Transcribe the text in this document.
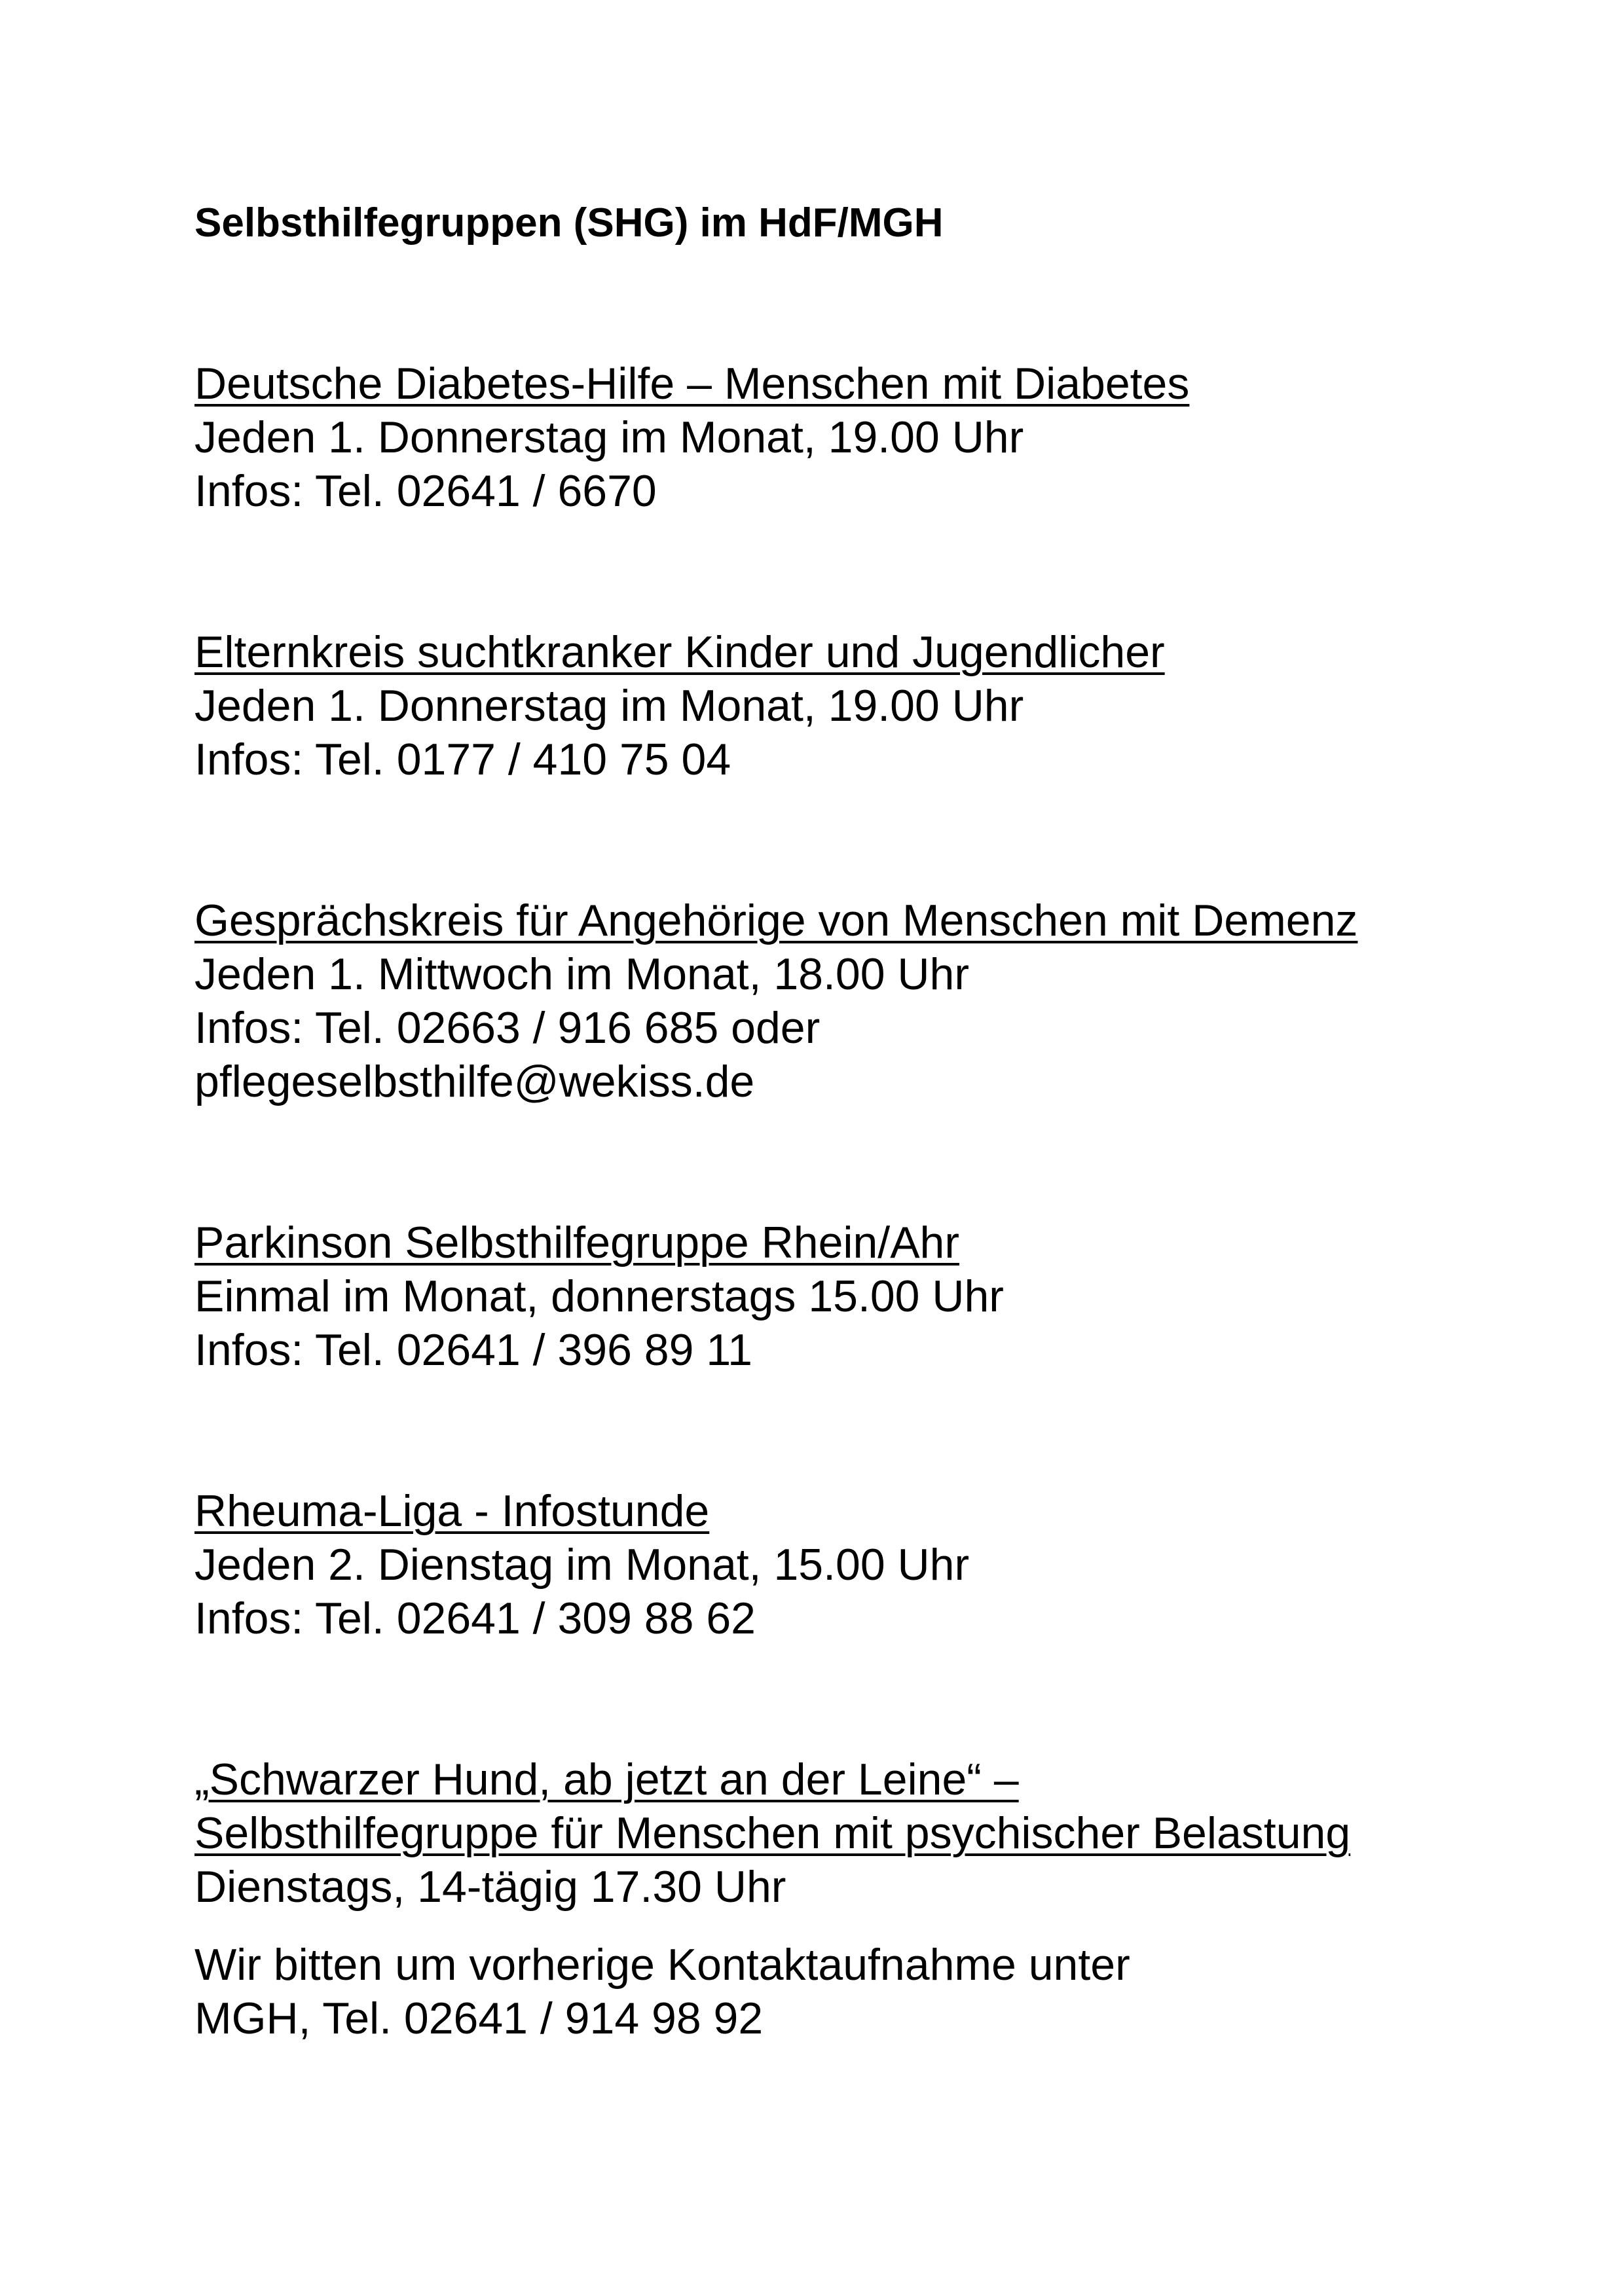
Selbsthilfegruppen (SHG) im HdF/MGH
Deutsche Diabetes-Hilfe – Menschen mit Diabetes
Jeden 1. Donnerstag im Monat, 19.00 Uhr
Infos: Tel. 02641 / 6670
Elternkreis suchtkranker Kinder und Jugendlicher
Jeden 1. Donnerstag im Monat, 19.00 Uhr
Infos: Tel. 0177 / 410 75 04
Gesprächskreis für Angehörige von Menschen mit Demenz
Jeden 1. Mittwoch im Monat, 18.00 Uhr
Infos: Tel. 02663 / 916 685 oder
pflegeselbsthilfe@wekiss.de
Parkinson Selbsthilfegruppe Rhein/Ahr
Einmal im Monat, donnerstags 15.00 Uhr
Infos: Tel. 02641 / 396 89 11
Rheuma-Liga - Infostunde
Jeden 2. Dienstag im Monat, 15.00 Uhr
Infos: Tel. 02641 / 309 88 62
„Schwarzer Hund, ab jetzt an der Leine“ –
Selbsthilfegruppe für Menschen mit psychischer Belastung
Dienstags, 14-tägig 17.30 Uhr
Wir bitten um vorherige Kontaktaufnahme unter
MGH, Tel. 02641 / 914 98 92
